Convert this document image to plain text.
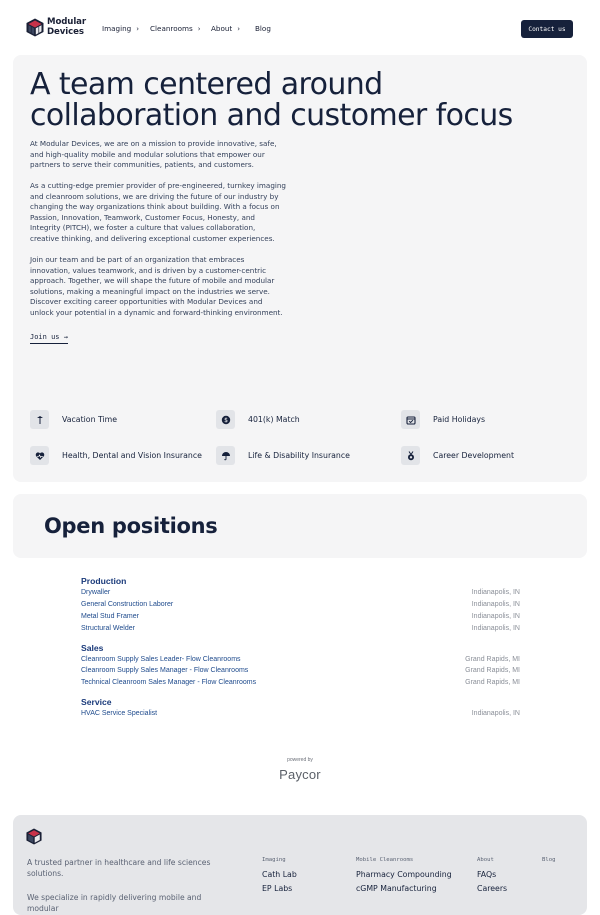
Modular
Devices	Imaging › Cleanrooms › About › Blog	Contact us
A team centered around collaboration and customer focus

At Modular Devices, we are on a mission to provide innovative, safe, and high-quality mobile and modular solutions that empower our partners to serve their communities, patients, and customers.

As a cutting-edge premier provider of pre-engineered, turnkey imaging and cleanroom solutions, we are driving the future of our industry by changing the way organizations think about building. With a focus on Passion, Innovation, Teamwork, Customer Focus, Honesty, and Integrity (PITCH), we foster a culture that values collaboration, creative thinking, and delivering exceptional customer experiences.

Join our team and be part of an organization that embraces innovation, values teamwork, and is driven by a customer-centric approach. Together, we will shape the future of mobile and modular solutions, making a meaningful impact on the industries we serve. Discover exciting career opportunities with Modular Devices and unlock your potential in a dynamic and forward-thinking environment.

Join us →
Vacation Time	$	401(k) Match	Paid Holidays
Health, Dental and Vision Insurance	Life & Disability Insurance	Career Development
Open positions
Production
Drywaller	Indianapolis, IN
General Construction Laborer	Indianapolis, IN
Metal Stud Framer	Indianapolis, IN
Structural Welder	Indianapolis, IN
Sales
Cleanroom Supply Sales Leader- Flow Cleanrooms	Grand Rapids, MI
Cleanroom Supply Sales Manager - Flow Cleanrooms	Grand Rapids, MI
Technical Cleanroom Sales Manager - Flow Cleanrooms	Grand Rapids, MI
Service
HVAC Service Specialist	Indianapolis, IN
powered by
Paycor

A trusted partner in healthcare and life sciences solutions.

We specialize in rapidly delivering mobile and modular

Imaging
Cath Lab
EP Labs
Mobile Cleanrooms
Pharmacy Compounding
cGMP Manufacturing
About
FAQs
Careers
Blog
